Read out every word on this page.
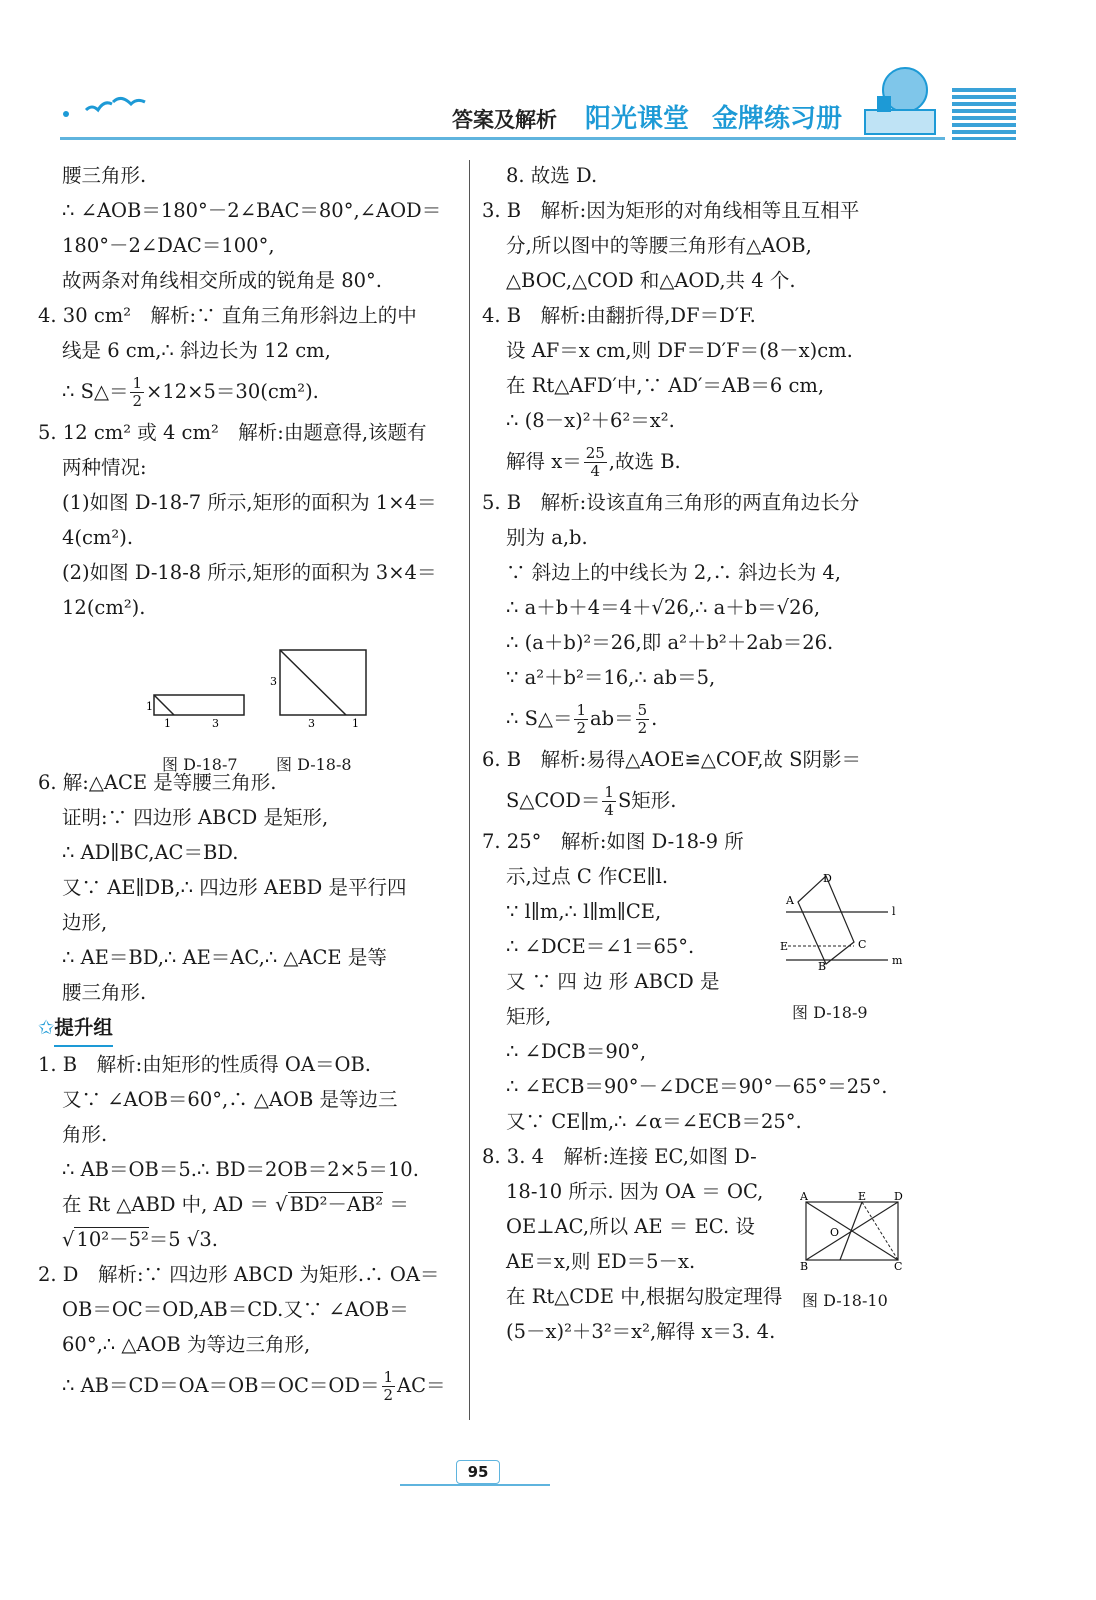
答案及解析 阳光课堂 金牌练习册
腰三角形.
∴ ∠AOB＝180°－2∠BAC＝80°,∠AOD＝
180°－2∠DAC＝100°,
故两条对角线相交所成的锐角是 80°.
4. 30 cm²　解析:∵ 直角三角形斜边上的中
线是 6 cm,∴ 斜边长为 12 cm,
∴ S△＝ $\frac{1}{2} \times 12\times 5=30(cm^2)$.
5. 12 cm² 或 4 cm²　解析:由题意得,该题有
两种情况:
(1)如图 D-18-7 所示,矩形的面积为 1×4＝
4(cm²).
(2)如图 D-18-8 所示,矩形的面积为 3×4＝
12(cm²).
6. 解:△ACE 是等腰三角形.
证明:∵ 四边形 ABCD 是矩形,
∴ AD∥BC,AC＝BD.
又∵ AE∥DB,∴ 四边形 AEBD 是平行四
边形,
∴ AE＝BD,∴ AE＝AC,∴ △ACE 是等
腰三角形.
✩提升组
1. B　解析:由矩形的性质得 OA＝OB.
又∵ ∠AOB＝60°,∴ △AOB 是等边三
角形.
∴ AB＝OB＝5.∴ BD＝2OB＝2×5＝10.
在 Rt △ABD 中, AD ＝ √ BD²－AB² ＝
√ 10²－5²＝5 √3.
2. D　解析:∵ 四边形 ABCD 为矩形.∴ OA＝
OB＝OC＝OD,AB＝CD.又∵ ∠AOB＝
60°,∴ △AOB 为等边三角形,
∴ $AB=CD=OA=OB=OC=OD= \frac{1}{2} AC=$
1
1	3
3
3	1
图 D-18-7 图 D-18-8
8. 故选 D.
3. B　解析:因为矩形的对角线相等且互相平
分,所以图中的等腰三角形有△AOB,
△BOC,△COD 和△AOD,共 4 个.
4. B　解析:由翻折得,DF＝D′F.
设 AF＝x cm,则 DF＝D′F＝(8－x)cm.
在 Rt△AFD′中,∵ AD′＝AB＝6 cm,
∴ (8－x)²＋6²＝x².
解得 $x= \frac{25}{4}$ ,故选 B.
5. B　解析:设该直角三角形的两直角边长分
别为 a,b.
∵ 斜边上的中线长为 2,∴ 斜边长为 4,
∴ a＋b＋4＝4＋√26,∴ a＋b＝√26,
∴ (a＋b)²＝26,即 a²＋b²＋2ab＝26.
∵ a²＋b²＝16,∴ ab＝5,
∴ S△＝ $\frac{1}{2} ab= \frac{5}{2}$ .
6. B　解析:易得△AOE≌△COF,故 S阴影＝
S△COD＝ $\frac{1}{4}$ S矩形.
7. 25°　解析:如图 D-18-9 所
示,过点 C 作CE∥l.
∵ l∥m,∴ l∥m∥CE,
∴ ∠DCE＝∠1＝65°.
又 ∵ 四 边 形 ABCD 是
矩形,
∴ ∠DCB＝90°,
∴ ∠ECB＝90°－∠DCE＝90°－65°＝25°.
又∵ CE∥m,∴ ∠α＝∠ECB＝25°.
8. 3. 4　解析:连接 EC,如图 D-
18-10 所示. 因为 OA ＝ OC,
OE⊥AC,所以 AE ＝ EC. 设
AE＝x,则 ED＝5－x.
在 Rt△CDE 中,根据勾股定理得
(5－x)²＋3²＝x²,解得 x＝3. 4.
A
D
C
B
E
l
m
图 D-18-9
A	E	D
O
B	C
图 D-18-10
95
